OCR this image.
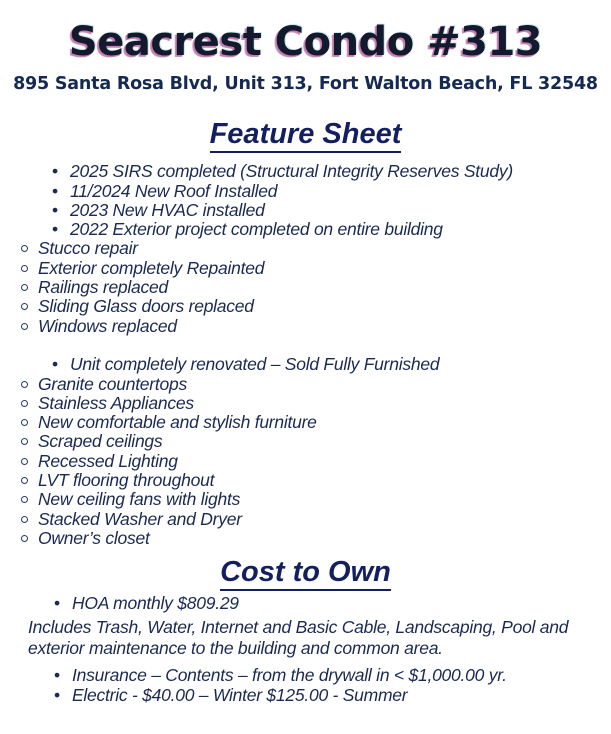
Seacrest Condo #313
895 Santa Rosa Blvd, Unit 313, Fort Walton Beach, FL 32548
Feature Sheet
• 2025 SIRS completed (Structural Integrity Reserves Study)
• 11/2024 New Roof Installed
• 2023 New HVAC installed
• 2022 Exterior project completed on entire building
Stucco repair
Exterior completely Repainted
Railings replaced
Sliding Glass doors replaced
Windows replaced
• Unit completely renovated – Sold Fully Furnished
Granite countertops
Stainless Appliances
New comfortable and stylish furniture
Scraped ceilings
Recessed Lighting
LVT flooring throughout
New ceiling fans with lights
Stacked Washer and Dryer
Owner’s closet
Cost to Own
• HOA monthly $809.29

Includes Trash, Water, Internet and Basic Cable, Landscaping, Pool and exterior maintenance to the building and common area.

• Insurance – Contents – from the drywall in < $1,000.00 yr.
• Electric - $40.00 – Winter $125.00 - Summer
